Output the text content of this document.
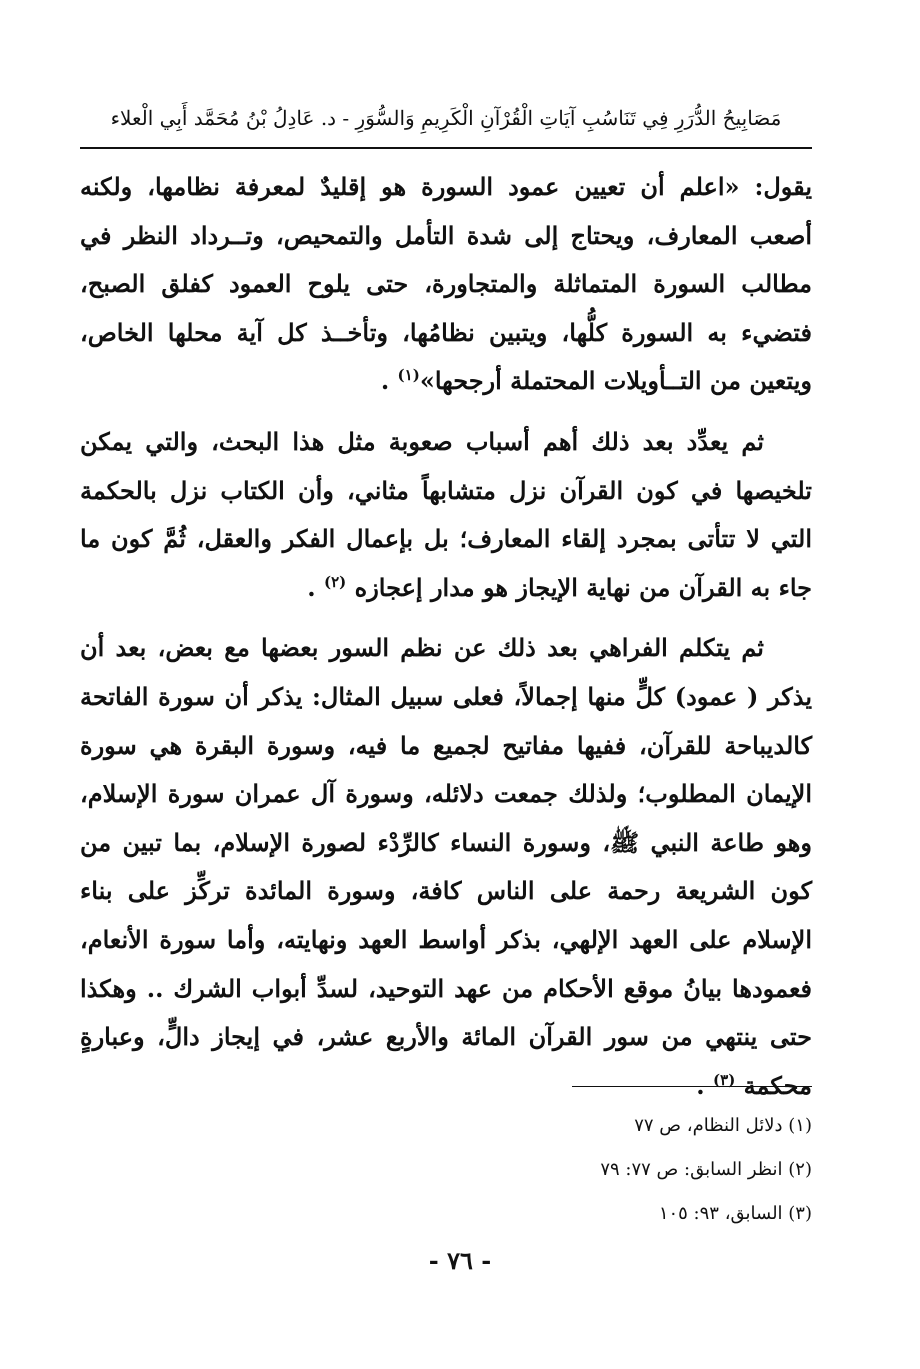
مَصَابِيحُ الدُّرَرِ فِي تَنَاسُبِ آيَاتِ الْقُرْآنِ الْكَرِيمِ وَالسُّوَرِ - د. عَادِلُ بْنُ مُحَمَّد أَبِي الْعلاء

يقول: «اعلم أن تعيين عمود السورة هو إقليدٌ لمعرفة نظامها، ولكنه أصعب المعارف، ويحتاج إلى شدة التأمل والتمحيص، وتــرداد النظر في مطالب السورة المتماثلة والمتجاورة، حتى يلوح العمود كفلق الصبح، فتضيء به السورة كلُّها، ويتبين نظامُها، وتأخــذ كل آية محلها الخاص، ويتعين من التــأويلات المحتملة أرجحها»$^{(١)}$ .

ثم يعدِّد بعد ذلك أهم أسباب صعوبة مثل هذا البحث، والتي يمكن تلخيصها في كون القرآن نزل متشابهاً مثاني، وأن الكتاب نزل بالحكمة التي لا تتأتى بمجرد إلقاء المعارف؛ بل بإعمال الفكر والعقل، ثُمَّ كون ما جاء به القرآن من نهاية الإيجاز هو مدار إعجازه $^{(٢)}$ .

ثم يتكلم الفراهي بعد ذلك عن نظم السور بعضها مع بعض، بعد أن يذكر ( عمود) كلٍّ منها إجمالاً، فعلى سبيل المثال: يذكر أن سورة الفاتحة كالديباحة للقرآن، ففيها مفاتيح لجميع ما فيه، وسورة البقرة هي سورة الإيمان المطلوب؛ ولذلك جمعت دلائله، وسورة آل عمران سورة الإسلام، وهو طاعة النبي ﷺ، وسورة النساء كالرِّدْء لصورة الإسلام، بما تبين من كون الشريعة رحمة على الناس كافة، وسورة المائدة تركِّز على بناء الإسلام على العهد الإلهي، بذكر أواسط العهد ونهايته، وأما سورة الأنعام، فعمودها بيانُ موقع الأحكام من عهد التوحيد، لسدِّ أبواب الشرك .. وهكذا حتى ينتهي من سور القرآن المائة والأربع عشر، في إيجاز دالٍّ، وعبارةٍ محكمة $^{(٣)}$ .

(١) دلائل النظام، ص ٧٧
(٢) انظر السابق: ص ٧٧: ٧٩
(٣) السابق، ٩٣: ١٠٥
- ٧٦ -
